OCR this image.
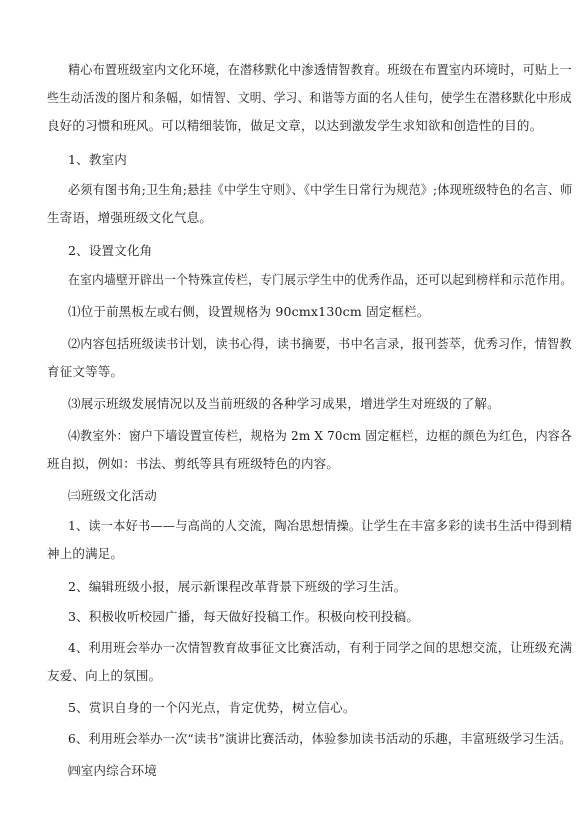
精心布置班级室内文化环境，在潜移默化中渗透情智教育。班级在布置室内环境时，可贴上一
些生动活泼的图片和条幅，如情智、文明、学习、和谐等方面的名人佳句，使学生在潜移默化中形成
良好的习惯和班风。可以精细装饰，做足文章，以达到激发学生求知欲和创造性的目的。
1、教室内
必须有图书角;卫生角;悬挂《中学生守则》、《中学生日常行为规范》;体现班级特色的名言、师
生寄语，增强班级文化气息。
2、设置文化角
在室内墙壁开辟出一个特殊宣传栏，专门展示学生中的优秀作品，还可以起到榜样和示范作用。
⑴位于前黑板左或右侧，设置规格为 90cmx130cm 固定框栏。
⑵内容包括班级读书计划，读书心得，读书摘要，书中名言录，报刊荟萃，优秀习作，情智教
育征文等等。
⑶展示班级发展情况以及当前班级的各种学习成果，增进学生对班级的了解。
⑷教室外：窗户下墙设置宣传栏，规格为 2m X 70cm 固定框栏，边框的颜色为红色，内容各
班自拟，例如：书法、剪纸等具有班级特色的内容。
㈢班级文化活动
1、读一本好书——与高尚的人交流，陶冶思想情操。让学生在丰富多彩的读书生活中得到精
神上的满足。
2、编辑班级小报，展示新课程改革背景下班级的学习生活。
3、积极收听校园广播，每天做好投稿工作。积极向校刊投稿。
4、利用班会举办一次情智教育故事征文比赛活动，有利于同学之间的思想交流，让班级充满
友爱、向上的氛围。
5、赏识自身的一个闪光点，肯定优势，树立信心。
6、利用班会举办一次“读书”演讲比赛活动，体验参加读书活动的乐趣，丰富班级学习生活。
㈣室内综合环境
